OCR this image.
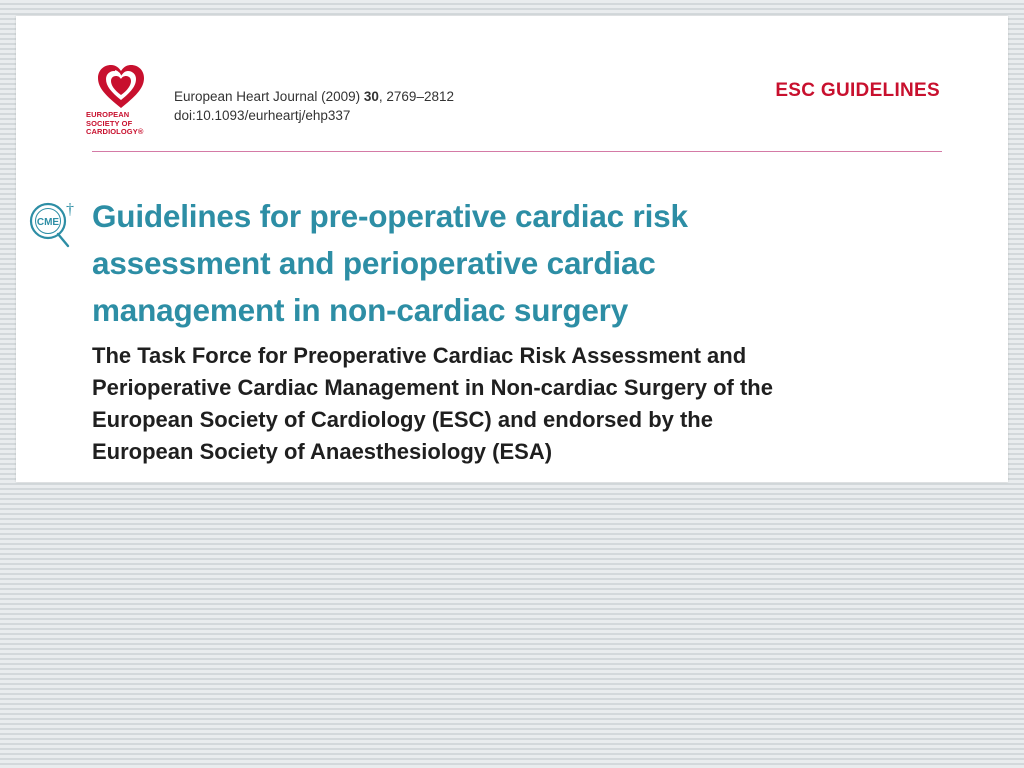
EUROPEAN
SOCIETY OF
CARDIOLOGY®
European Heart Journal (2009) 30, 2769–2812
doi:10.1093/eurheartj/ehp337
ESC GUIDELINES
CME
† Guidelines for pre-operative cardiac risk
assessment and perioperative cardiac
management in non-cardiac surgery
The Task Force for Preoperative Cardiac Risk Assessment and
Perioperative Cardiac Management in Non-cardiac Surgery of the
European Society of Cardiology (ESC) and endorsed by the
European Society of Anaesthesiology (ESA)
